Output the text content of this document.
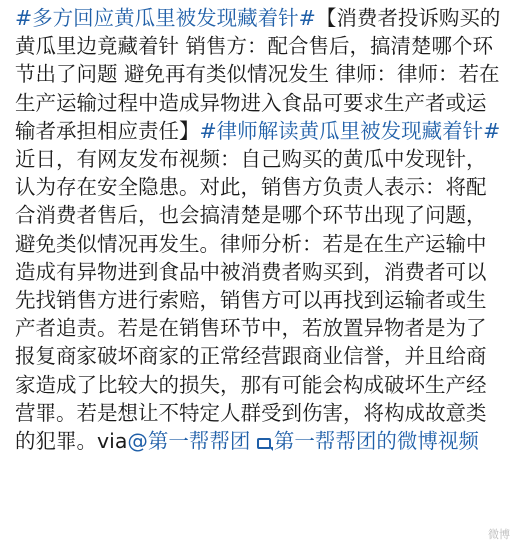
#多方回应黄瓜里被发现藏着针#【消费者投诉购买的黄瓜里边竟藏着针 销售方：配合售后，搞清楚哪个环节出了问题 避免再有类似情况发生 律师：律师：若在生产运输过程中造成异物进入食品可要求生产者或运输者承担相应责任】#律师解读黄瓜里被发现藏着针#近日，有网友发布视频：自己购买的黄瓜中发现针，认为存在安全隐患。对此，销售方负责人表示：将配合消费者售后，也会搞清楚是哪个环节出现了问题，避免类似情况再发生。律师分析：若是在生产运输中造成有异物进到食品中被消费者购买到，消费者可以先找销售方进行索赔，销售方可以再找到运输者或生产者追责。若是在销售环节中，若放置异物者是为了报复商家破坏商家的正常经营跟商业信誉，并且给商家造成了比较大的损失，那有可能会构成破坏生产经营罪。若是想让不特定人群受到伤害，将构成故意类的犯罪。via@第一帮帮团 第一帮帮团的微博视频
微博
